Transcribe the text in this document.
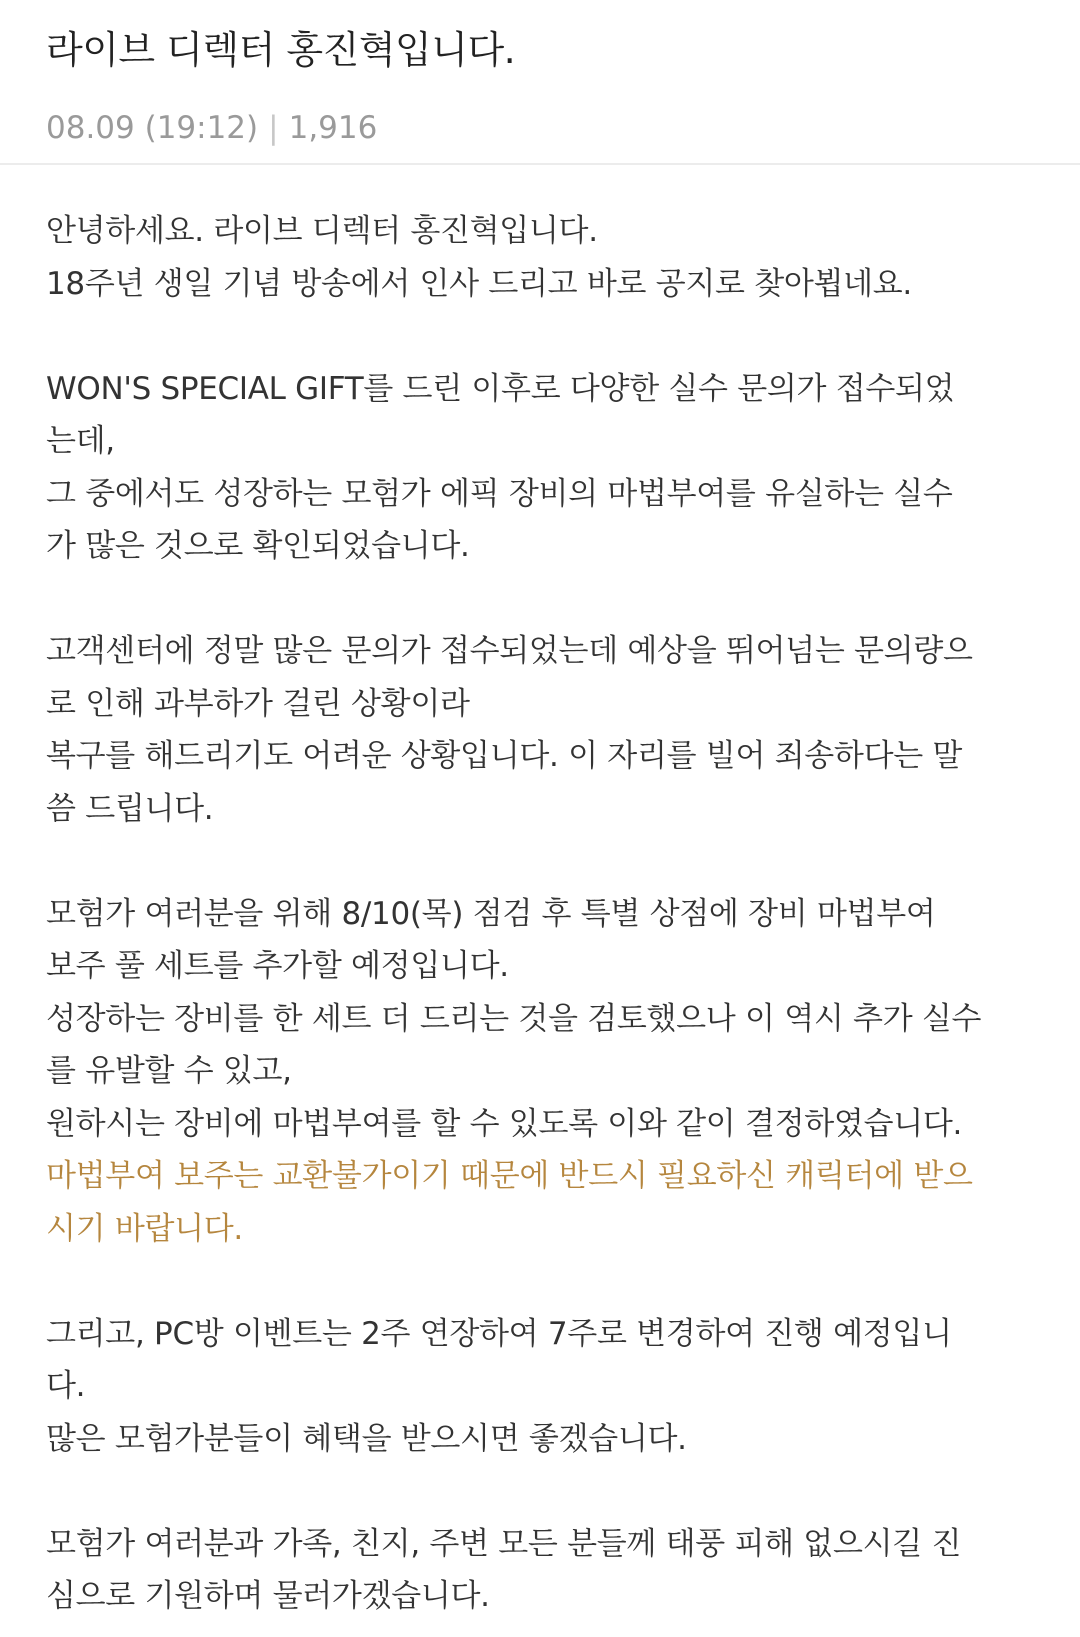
라이브 디렉터 홍진혁입니다.
08.09 (19:12) | 1,916
안녕하세요. 라이브 디렉터 홍진혁입니다.
18주년 생일 기념 방송에서 인사 드리고 바로 공지로 찾아뵙네요.
WON'S SPECIAL GIFT를 드린 이후로 다양한 실수 문의가 접수되었
는데,
그 중에서도 성장하는 모험가 에픽 장비의 마법부여를 유실하는 실수
가 많은 것으로 확인되었습니다.
고객센터에 정말 많은 문의가 접수되었는데 예상을 뛰어넘는 문의량으
로 인해 과부하가 걸린 상황이라
복구를 해드리기도 어려운 상황입니다. 이 자리를 빌어 죄송하다는 말
씀 드립니다.
모험가 여러분을 위해 8/10(목) 점검 후 특별 상점에 장비 마법부여
보주 풀 세트를 추가할 예정입니다.
성장하는 장비를 한 세트 더 드리는 것을 검토했으나 이 역시 추가 실수
를 유발할 수 있고,
원하시는 장비에 마법부여를 할 수 있도록 이와 같이 결정하였습니다.
마법부여 보주는 교환불가이기 때문에 반드시 필요하신 캐릭터에 받으
시기 바랍니다.
그리고, PC방 이벤트는 2주 연장하여 7주로 변경하여 진행 예정입니
다.
많은 모험가분들이 혜택을 받으시면 좋겠습니다.
모험가 여러분과 가족, 친지, 주변 모든 분들께 태풍 피해 없으시길 진
심으로 기원하며 물러가겠습니다.
